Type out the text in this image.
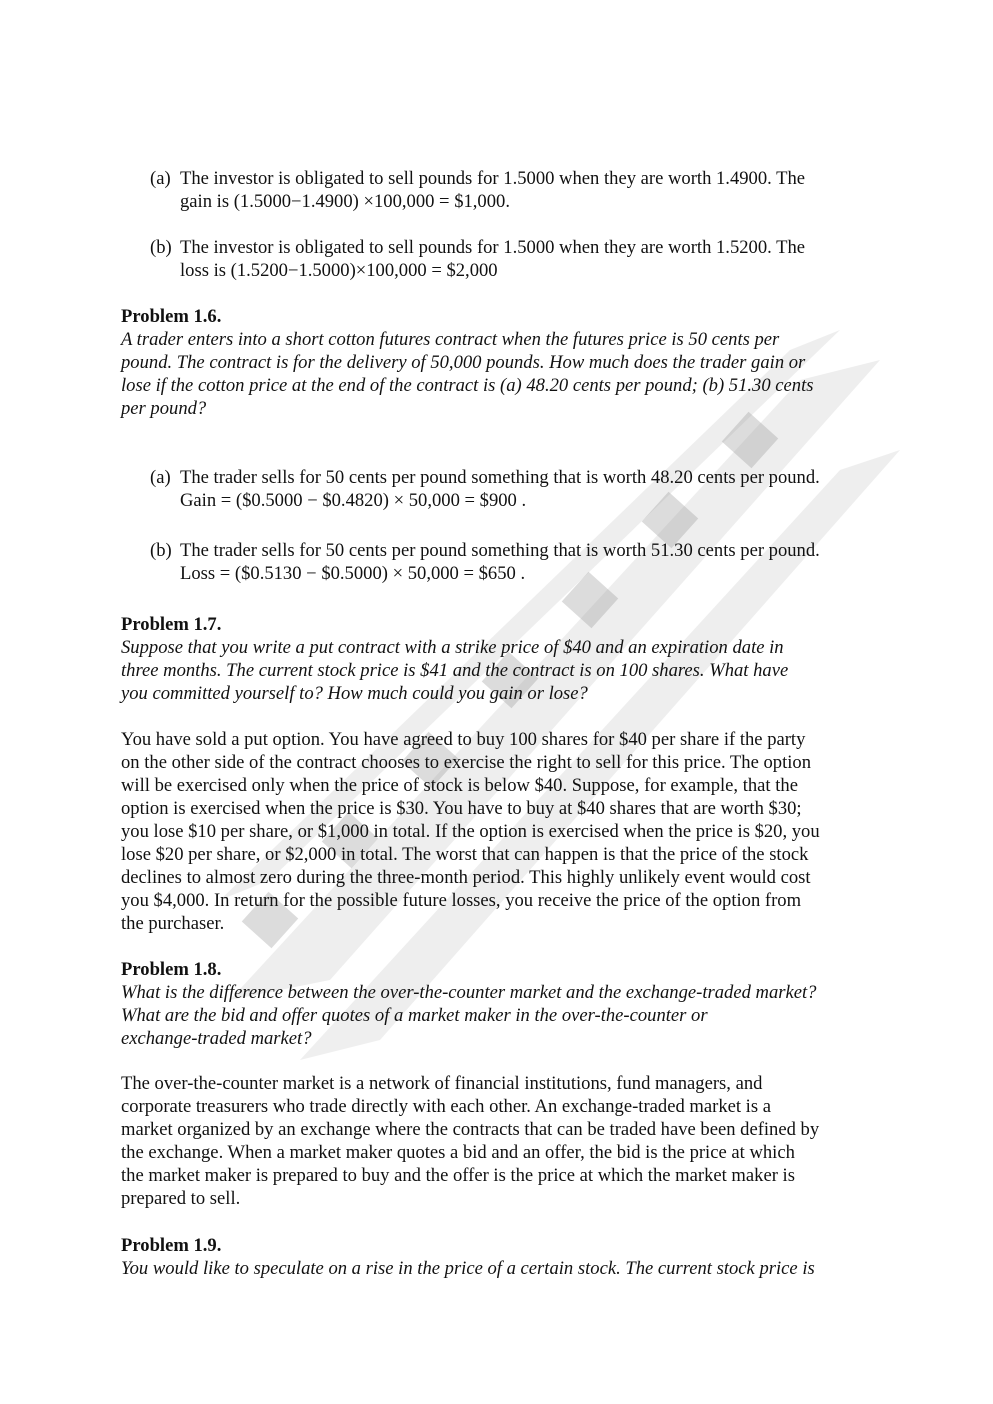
(a) The investor is obligated to sell pounds for 1.5000 when they are worth 1.4900. The
gain is (1.5000−1.4900) ×100,000 = $1,000.
(b) The investor is obligated to sell pounds for 1.5000 when they are worth 1.5200. The
loss is (1.5200−1.5000)×100,000 = $2,000
Problem 1.6.
A trader enters into a short cotton futures contract when the futures price is 50 cents per
pound. The contract is for the delivery of 50,000 pounds. How much does the trader gain or
lose if the cotton price at the end of the contract is (a) 48.20 cents per pound; (b) 51.30 cents
per pound?
(a) The trader sells for 50 cents per pound something that is worth 48.20 cents per pound.
Gain = ($0.5000 − $0.4820) × 50,000 = $900 .
(b) The trader sells for 50 cents per pound something that is worth 51.30 cents per pound.
Loss = ($0.5130 − $0.5000) × 50,000 = $650 .
Problem 1.7.
Suppose that you write a put contract with a strike price of $40 and an expiration date in
three months. The current stock price is $41 and the contract is on 100 shares. What have
you committed yourself to? How much could you gain or lose?
You have sold a put option. You have agreed to buy 100 shares for $40 per share if the party
on the other side of the contract chooses to exercise the right to sell for this price. The option
will be exercised only when the price of stock is below $40. Suppose, for example, that the
option is exercised when the price is $30. You have to buy at $40 shares that are worth $30;
you lose $10 per share, or $1,000 in total. If the option is exercised when the price is $20, you
lose $20 per share, or $2,000 in total. The worst that can happen is that the price of the stock
declines to almost zero during the three-month period. This highly unlikely event would cost
you $4,000. In return for the possible future losses, you receive the price of the option from
the purchaser.
Problem 1.8.
What is the difference between the over-the-counter market and the exchange-traded market?
What are the bid and offer quotes of a market maker in the over-the-counter or
exchange-traded market?
The over-the-counter market is a network of financial institutions, fund managers, and
corporate treasurers who trade directly with each other. An exchange-traded market is a
market organized by an exchange where the contracts that can be traded have been defined by
the exchange. When a market maker quotes a bid and an offer, the bid is the price at which
the market maker is prepared to buy and the offer is the price at which the market maker is
prepared to sell.
Problem 1.9.
You would like to speculate on a rise in the price of a certain stock. The current stock price is
